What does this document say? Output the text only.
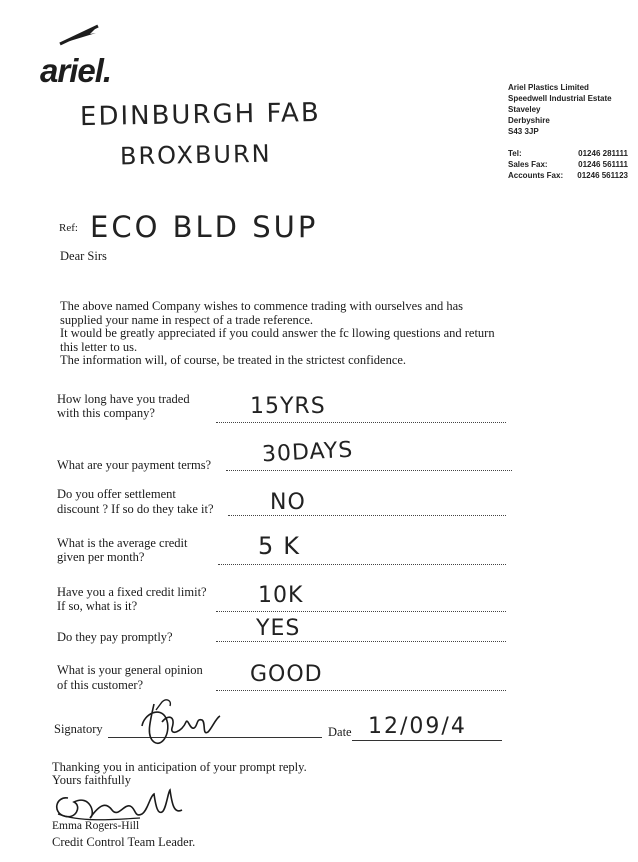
ariel.
EDINBURGH FAB
BROXBURN
Ariel Plastics Limited
Speedwell Industrial Estate
Staveley
Derbyshire
S43 3JP
Tel:	01246 281111
Sales Fax:	01246 561111
Accounts Fax: 01246 561123
Ref: ECO BLD SUP
Dear Sirs
The above named Company wishes to commence trading with ourselves and has
supplied your name in respect of a trade reference.
It would be greatly appreciated if you could answer the fc llowing questions and return
this letter to us.
The information will, of course, be treated in the strictest confidence.
How long have you traded
with this company?	15YRS
What are your payment terms? 30DAYS
Do you offer settlement
discount ? If so do they take it?	NO
What is the average credit
given per month?	5K
Have you a fixed credit limit?
If so, what is it?	10K
Do they pay promptly?	YES
What is your general opinion
of this customer?	GOOD
Signatory	Date 12/09/4
Thanking you in anticipation of your prompt reply.
Yours faithfully
Emma Rogers-Hill
Credit Control Team Leader.
